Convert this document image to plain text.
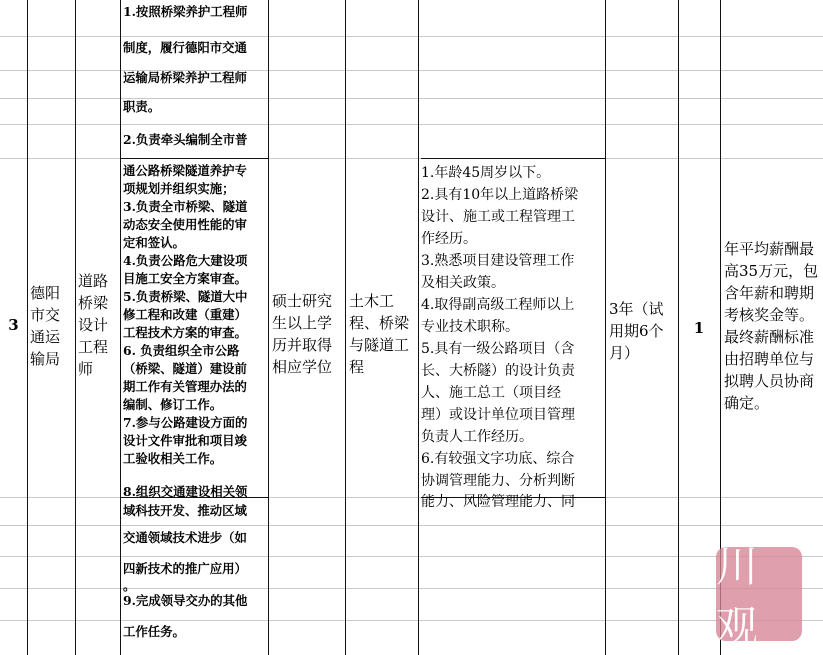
3
德阳市交通运输局
道路桥梁设计工程师
硕士研究生以上学历并取得相应学位
土木工程、桥梁与隧道工程
3年（试用期6个月）
1
年平均薪酬最高35万元，包含年薪和聘期考核奖金等。最终薪酬标准由招聘单位与拟聘人员协商确定。
1.按照桥梁养护工程师
制度，履行德阳市交通
运输局桥梁养护工程师
职责。
2.负责牵头编制全市普
通公路桥梁隧道养护专
项规划并组织实施；
3.负责全市桥梁、隧道
动态安全使用性能的审
定和签认。
4.负责公路危大建设项
目施工安全方案审查。
5.负责桥梁、隧道大中
修工程和改建（重建）
工程技术方案的审查。
6. 负责组织全市公路
（桥梁、隧道）建设前
期工作有关管理办法的
编制、修订工作。
7.参与公路建设方面的
设计文件审批和项目竣
工验收相关工作。
8.组织交通建设相关领
域科技开发、推动区域
交通领域技术进步（如
四新技术的推广应用）
。
9.完成领导交办的其他
工作任务。
1.年龄45周岁以下。
2.具有10年以上道路桥梁
设计、施工或工程管理工
作经历。
3.熟悉项目建设管理工作
及相关政策。
4.取得副高级工程师以上
专业技术职称。
5.具有一级公路项目（含
长、大桥隧）的设计负责
人、施工总工（项目经
理）或设计单位项目管理
负责人工作经历。
6.有较强文字功底、综合
协调管理能力、分析判断
能力、风险管理能力、同
川观
